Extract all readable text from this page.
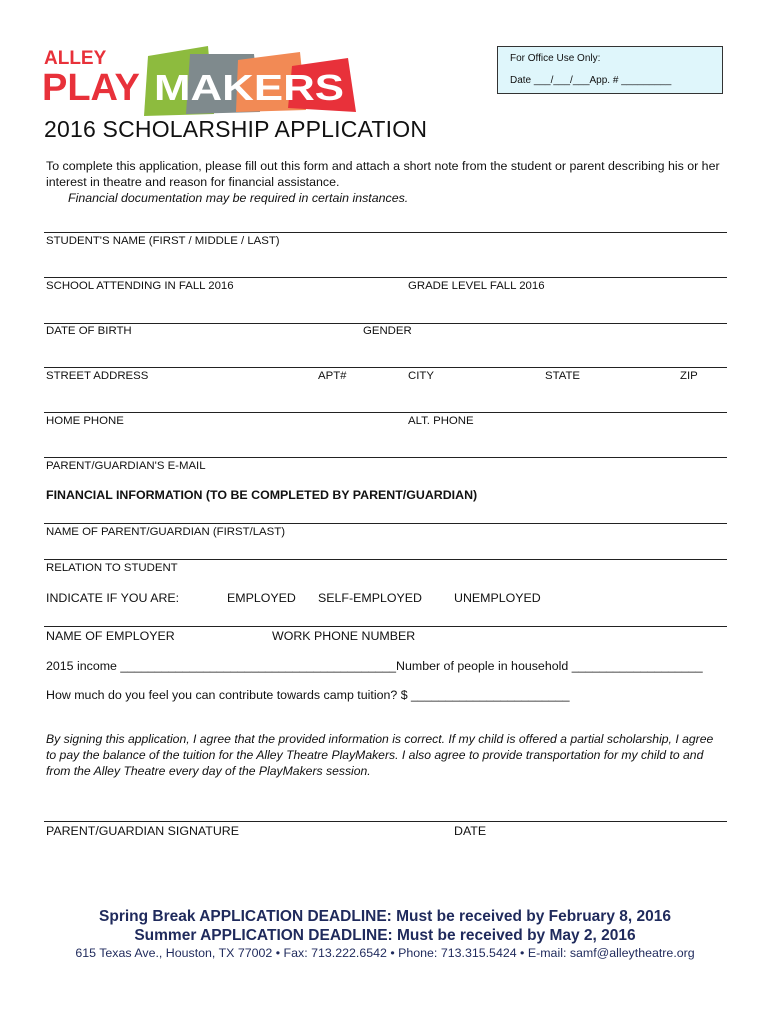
ALLEY
PLAY MAKERS
For Office Use Only:
Date ___/___/___App. # _________
2016 SCHOLARSHIP APPLICATION
To complete this application, please fill out this form and attach a short note from the student or parent describing his or her interest in theatre and reason for financial assistance.
Financial documentation may be required in certain instances.
STUDENT'S NAME (FIRST / MIDDLE / LAST)
SCHOOL ATTENDING IN FALL 2016	GRADE LEVEL FALL 2016
DATE OF BIRTH	GENDER
STREET ADDRESS	APT#	CITY	STATE	ZIP
HOME PHONE	ALT. PHONE
PARENT/GUARDIAN'S E-MAIL
FINANCIAL INFORMATION (TO BE COMPLETED BY PARENT/GUARDIAN)
NAME OF PARENT/GUARDIAN (FIRST/LAST)
RELATION TO STUDENT
INDICATE IF YOU ARE:	EMPLOYED SELF-EMPLOYED	UNEMPLOYED
NAME OF EMPLOYER	WORK PHONE NUMBER
2015 income ________________________________________Number of people in household ___________________
How much do you feel you can contribute towards camp tuition? $ _______________________
By signing this application, I agree that the provided information is correct. If my child is offered a partial scholarship, I agree to pay the balance of the tuition for the Alley Theatre PlayMakers. I also agree to provide transportation for my child to and from the Alley Theatre every day of the PlayMakers session.
PARENT/GUARDIAN SIGNATURE	DATE
Spring Break APPLICATION DEADLINE: Must be received by February 8, 2016
Summer APPLICATION DEADLINE: Must be received by May 2, 2016
615 Texas Ave., Houston, TX 77002 • Fax: 713.222.6542 • Phone: 713.315.5424 • E-mail: samf@alleytheatre.org
